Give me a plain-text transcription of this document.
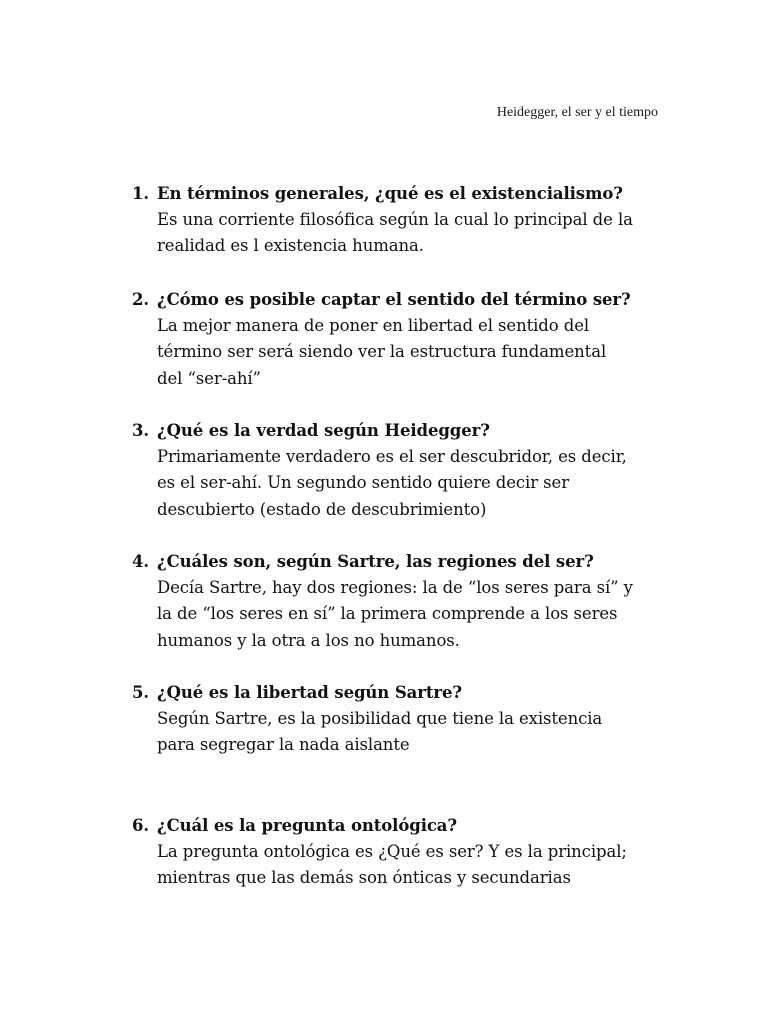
Heidegger, el ser y el tiempo
1. En términos generales, ¿qué es el existencialismo?
Es una corriente filosófica según la cual lo principal de la
realidad es l existencia humana.
2. ¿Cómo es posible captar el sentido del término ser?
La mejor manera de poner en libertad el sentido del
término ser será siendo ver la estructura fundamental
del “ser-ahí”
3. ¿Qué es la verdad según Heidegger?
Primariamente verdadero es el ser descubridor, es decir,
es el ser-ahí. Un segundo sentido quiere decir ser
descubierto (estado de descubrimiento)
4. ¿Cuáles son, según Sartre, las regiones del ser?
Decía Sartre, hay dos regiones: la de “los seres para sí” y
la de “los seres en sí” la primera comprende a los seres
humanos y la otra a los no humanos.
5. ¿Qué es la libertad según Sartre?
Según Sartre, es la posibilidad que tiene la existencia
para segregar la nada aislante
6. ¿Cuál es la pregunta ontológica?
La pregunta ontológica es ¿Qué es ser? Y es la principal;
mientras que las demás son ónticas y secundarias
